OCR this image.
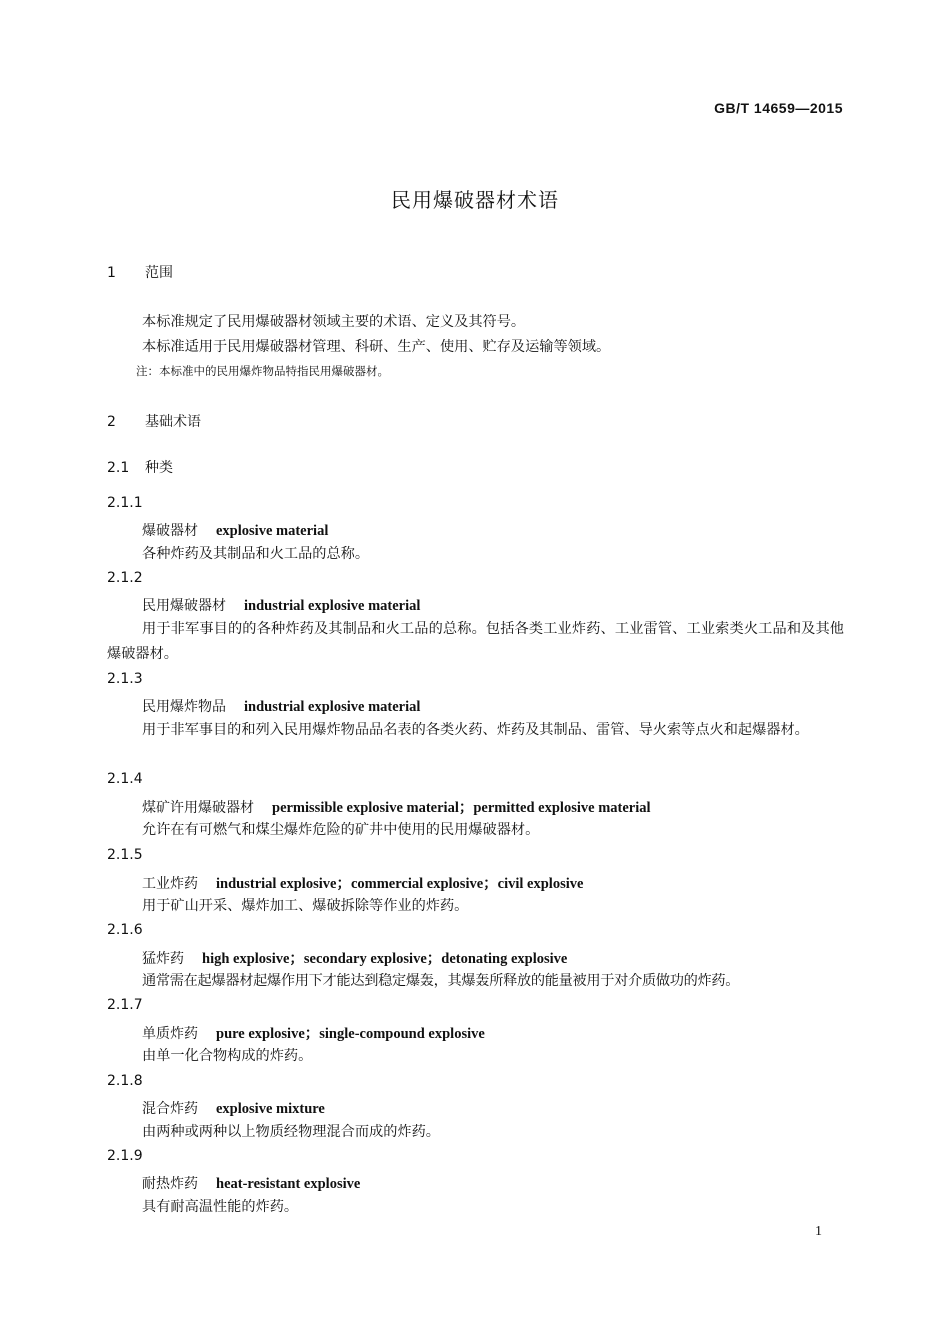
GB/T 14659—2015
民用爆破器材术语
1 范围
本标准规定了民用爆破器材领域主要的术语、定义及其符号。
本标准适用于民用爆破器材管理、科研、生产、使用、贮存及运输等领域。
注：本标准中的民用爆炸物品特指民用爆破器材。
2 基础术语
2.1 种类
2.1.1
爆破器材 explosive material
各种炸药及其制品和火工品的总称。
2.1.2
民用爆破器材 industrial explosive material
用于非军事目的的各种炸药及其制品和火工品的总称。包括各类工业炸药、工业雷管、工业索类火工品和及其他爆破器材。
2.1.3
民用爆炸物品 industrial explosive material
用于非军事目的和列入民用爆炸物品品名表的各类火药、炸药及其制品、雷管、导火索等点火和起爆器材。
2.1.4
煤矿许用爆破器材 permissible explosive material；permitted explosive material
允许在有可燃气和煤尘爆炸危险的矿井中使用的民用爆破器材。
2.1.5
工业炸药 industrial explosive；commercial explosive；civil explosive
用于矿山开采、爆炸加工、爆破拆除等作业的炸药。
2.1.6
猛炸药 high explosive；secondary explosive；detonating explosive
通常需在起爆器材起爆作用下才能达到稳定爆轰，其爆轰所释放的能量被用于对介质做功的炸药。
2.1.7
单质炸药 pure explosive；single-compound explosive
由单一化合物构成的炸药。
2.1.8
混合炸药 explosive mixture
由两种或两种以上物质经物理混合而成的炸药。
2.1.9
耐热炸药 heat-resistant explosive
具有耐高温性能的炸药。
1
